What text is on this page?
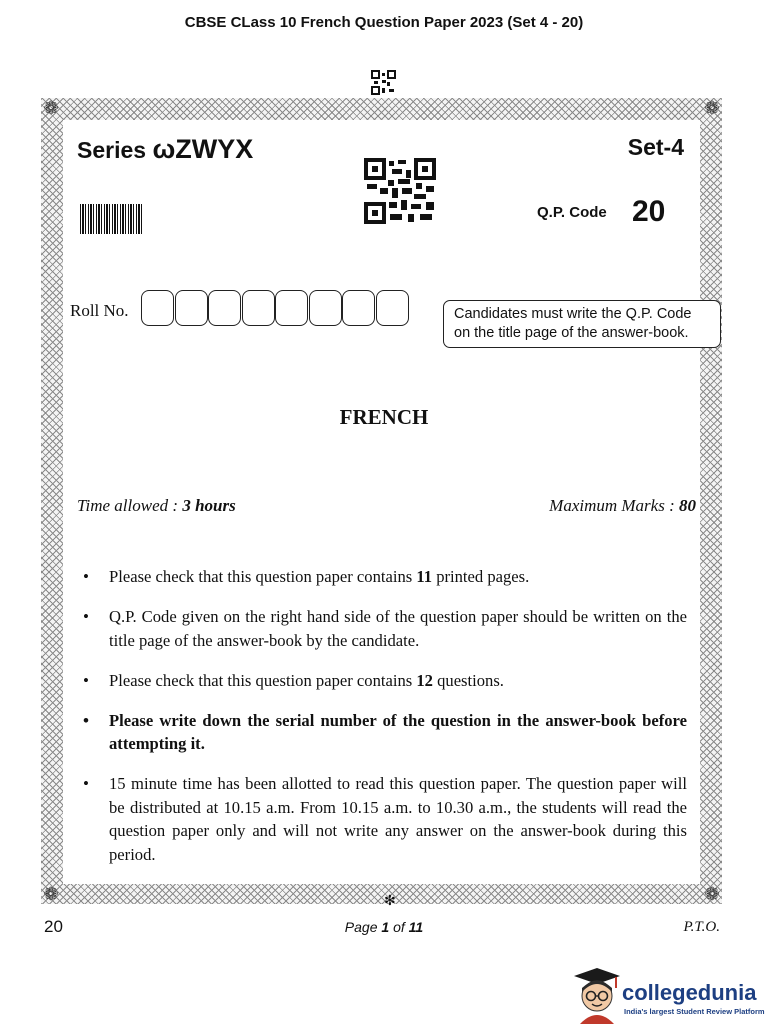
CBSE CLass 10 French Question Paper 2023 (Set 4 - 20)
❁	❁
❁	❁
Series ωZWYX	Set-4
Q.P. Code 20
Roll No.	Candidates must write the Q.P. Code
on the title page of the answer-book.
FRENCH
Time allowed : 3 hours	Maximum Marks : 80
• Please check that this question paper contains 11 printed pages.
• Q.P. Code given on the right hand side of the question paper should be written on the title page of the answer-book by the candidate.
• Please check that this question paper contains 12 questions.
• Please write down the serial number of the question in the answer-book before attempting it.
• 15 minute time has been allotted to read this question paper. The question paper will be distributed at 10.15 a.m. From 10.15 a.m. to 10.30 a.m., the students will read the question paper only and will not write any answer on the answer-book during this period.
✻
20	Page 1 of 11	P.T.O.
collegedunia
India's largest Student Review Platform
